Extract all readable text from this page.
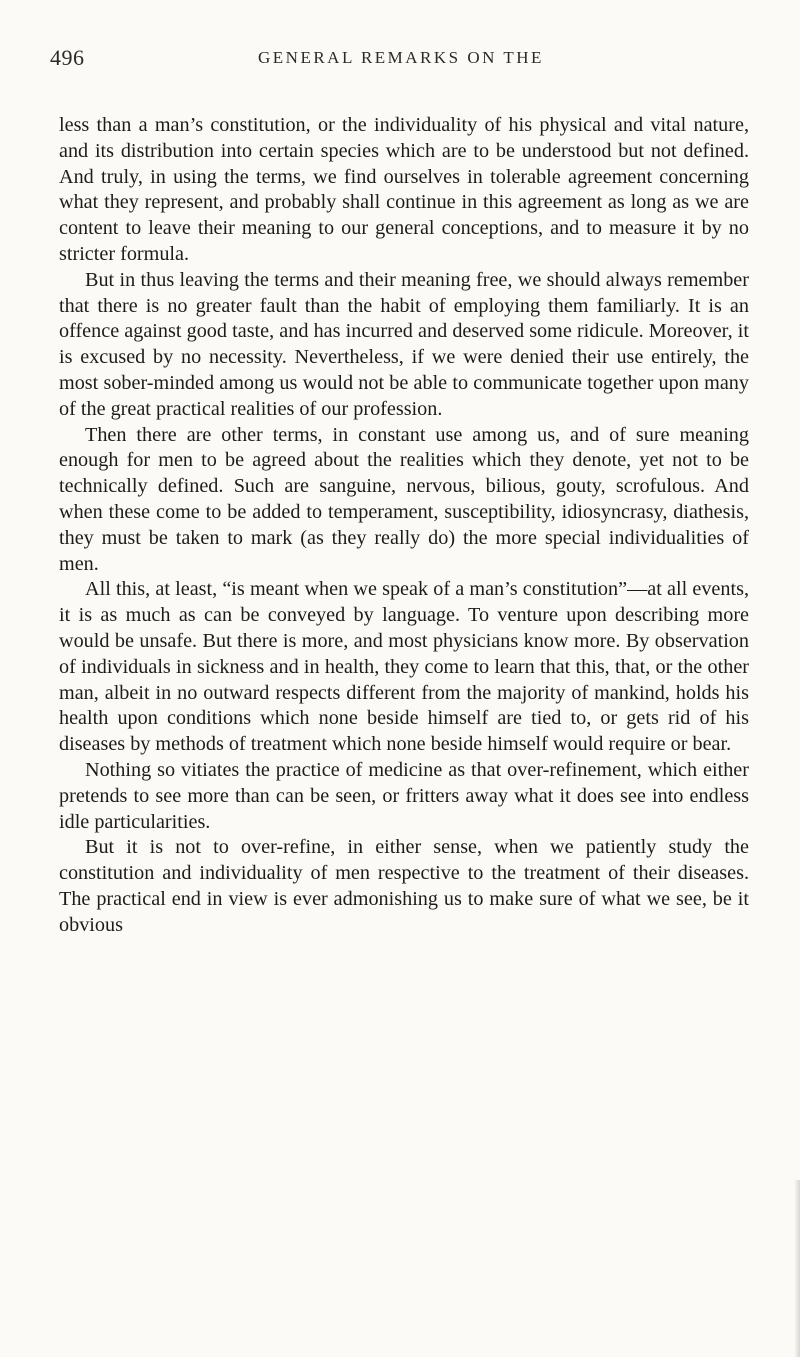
496	GENERAL REMARKS ON THE

less than a man’s constitution, or the individuality of his physical and vital nature, and its distribution into certain species which are to be understood but not defined. And truly, in using the terms, we find ourselves in tolerable agreement concerning what they represent, and probably shall continue in this agreement as long as we are content to leave their meaning to our general conceptions, and to measure it by no stricter formula.

But in thus leaving the terms and their meaning free, we should always remember that there is no greater fault than the habit of employing them familiarly. It is an offence against good taste, and has incurred and deserved some ridicule. Moreover, it is excused by no necessity. Nevertheless, if we were denied their use entirely, the most sober-minded among us would not be able to communicate together upon many of the great practical realities of our profession.

Then there are other terms, in constant use among us, and of sure meaning enough for men to be agreed about the realities which they denote, yet not to be technically defined. Such are sanguine, nervous, bilious, gouty, scrofulous. And when these come to be added to temperament, susceptibility, idiosyncrasy, diathesis, they must be taken to mark (as they really do) the more special individualities of men.

All this, at least, “is meant when we speak of a man’s constitution”—at all events, it is as much as can be conveyed by language. To venture upon describing more would be unsafe. But there is more, and most physicians know more. By observation of individuals in sickness and in health, they come to learn that this, that, or the other man, albeit in no outward respects different from the majority of mankind, holds his health upon conditions which none beside himself are tied to, or gets rid of his diseases by methods of treatment which none beside himself would require or bear.

Nothing so vitiates the practice of medicine as that over-refinement, which either pretends to see more than can be seen, or fritters away what it does see into endless idle particularities.

But it is not to over-refine, in either sense, when we patiently study the constitution and individuality of men respective to the treatment of their diseases. The practical end in view is ever admonishing us to make sure of what we see, be it obvious
